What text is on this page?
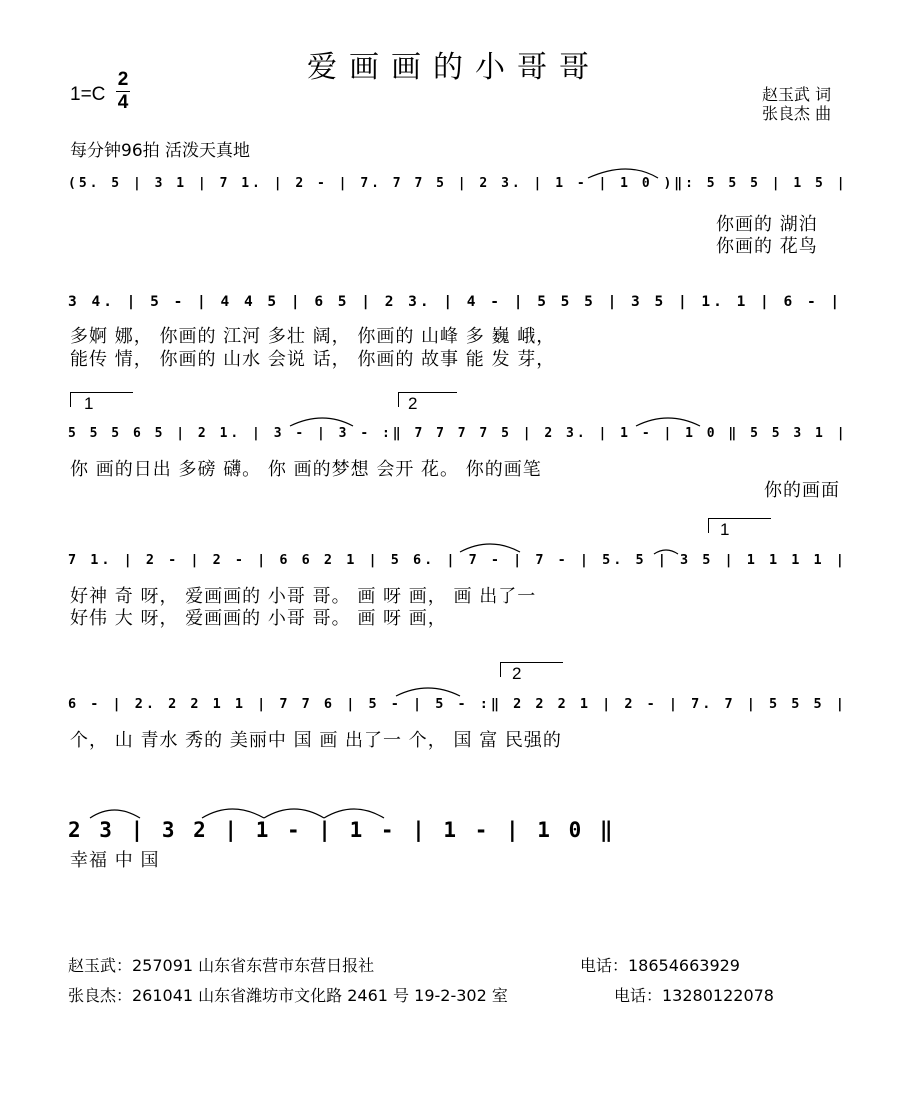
爱画画的小哥哥
1=C
2
4	赵玉武 词
张良杰 曲
每分钟96拍 活泼天真地
(5. 5 | 3 1 | 7 1. | 2 - | 7. 7 7 5 | 2 3. | 1 - | 1 0 )‖: 5 5 5 | 1 5 |
你画的 湖泊
你画的 花鸟
3 4. | 5 - | 4 4 5 | 6 5 | 2 3. | 4 - | 5 5 5 | 3 5 | 1. 1 | 6 - |
多婀 娜， 你画的 江河 多壮 阔， 你画的 山峰 多 巍 峨，
能传 情， 你画的 山水 会说 话， 你画的 故事 能 发 芽，
1	2
5 5 5 6 5 | 2 1. | 3 - | 3 - :‖ 7 7 7 7 5 | 2 3. | 1 - | 1 0 ‖ 5 5 3 1 |
你 画的日出 多磅 礴。 你 画的梦想 会开 花。 你的画笔
你的画面
1
7 1. | 2 - | 2 - | 6 6 2 1 | 5 6. | 7 - | 7 - | 5. 5 | 3 5 | 1 1 1 1 |
好神 奇 呀， 爱画画的 小哥 哥。 画 呀 画， 画 出了一
好伟 大 呀， 爱画画的 小哥 哥。 画 呀 画，
2
6 - | 2. 2 2 1 1 | 7 7 6 | 5 - | 5 - :‖ 2 2 2 1 | 2 - | 7. 7 | 5 5 5 |
个， 山 青水 秀的 美丽中 国 画 出了一 个， 国 富 民强的
2 3 | 3 2 | 1 - | 1 - | 1 - | 1 0 ‖
幸福 中 国
赵玉武：257091 山东省东营市东营日报社	电话：18654663929
张良杰：261041 山东省潍坊市文化路 2461 号 19-2-302 室	电话：13280122078
